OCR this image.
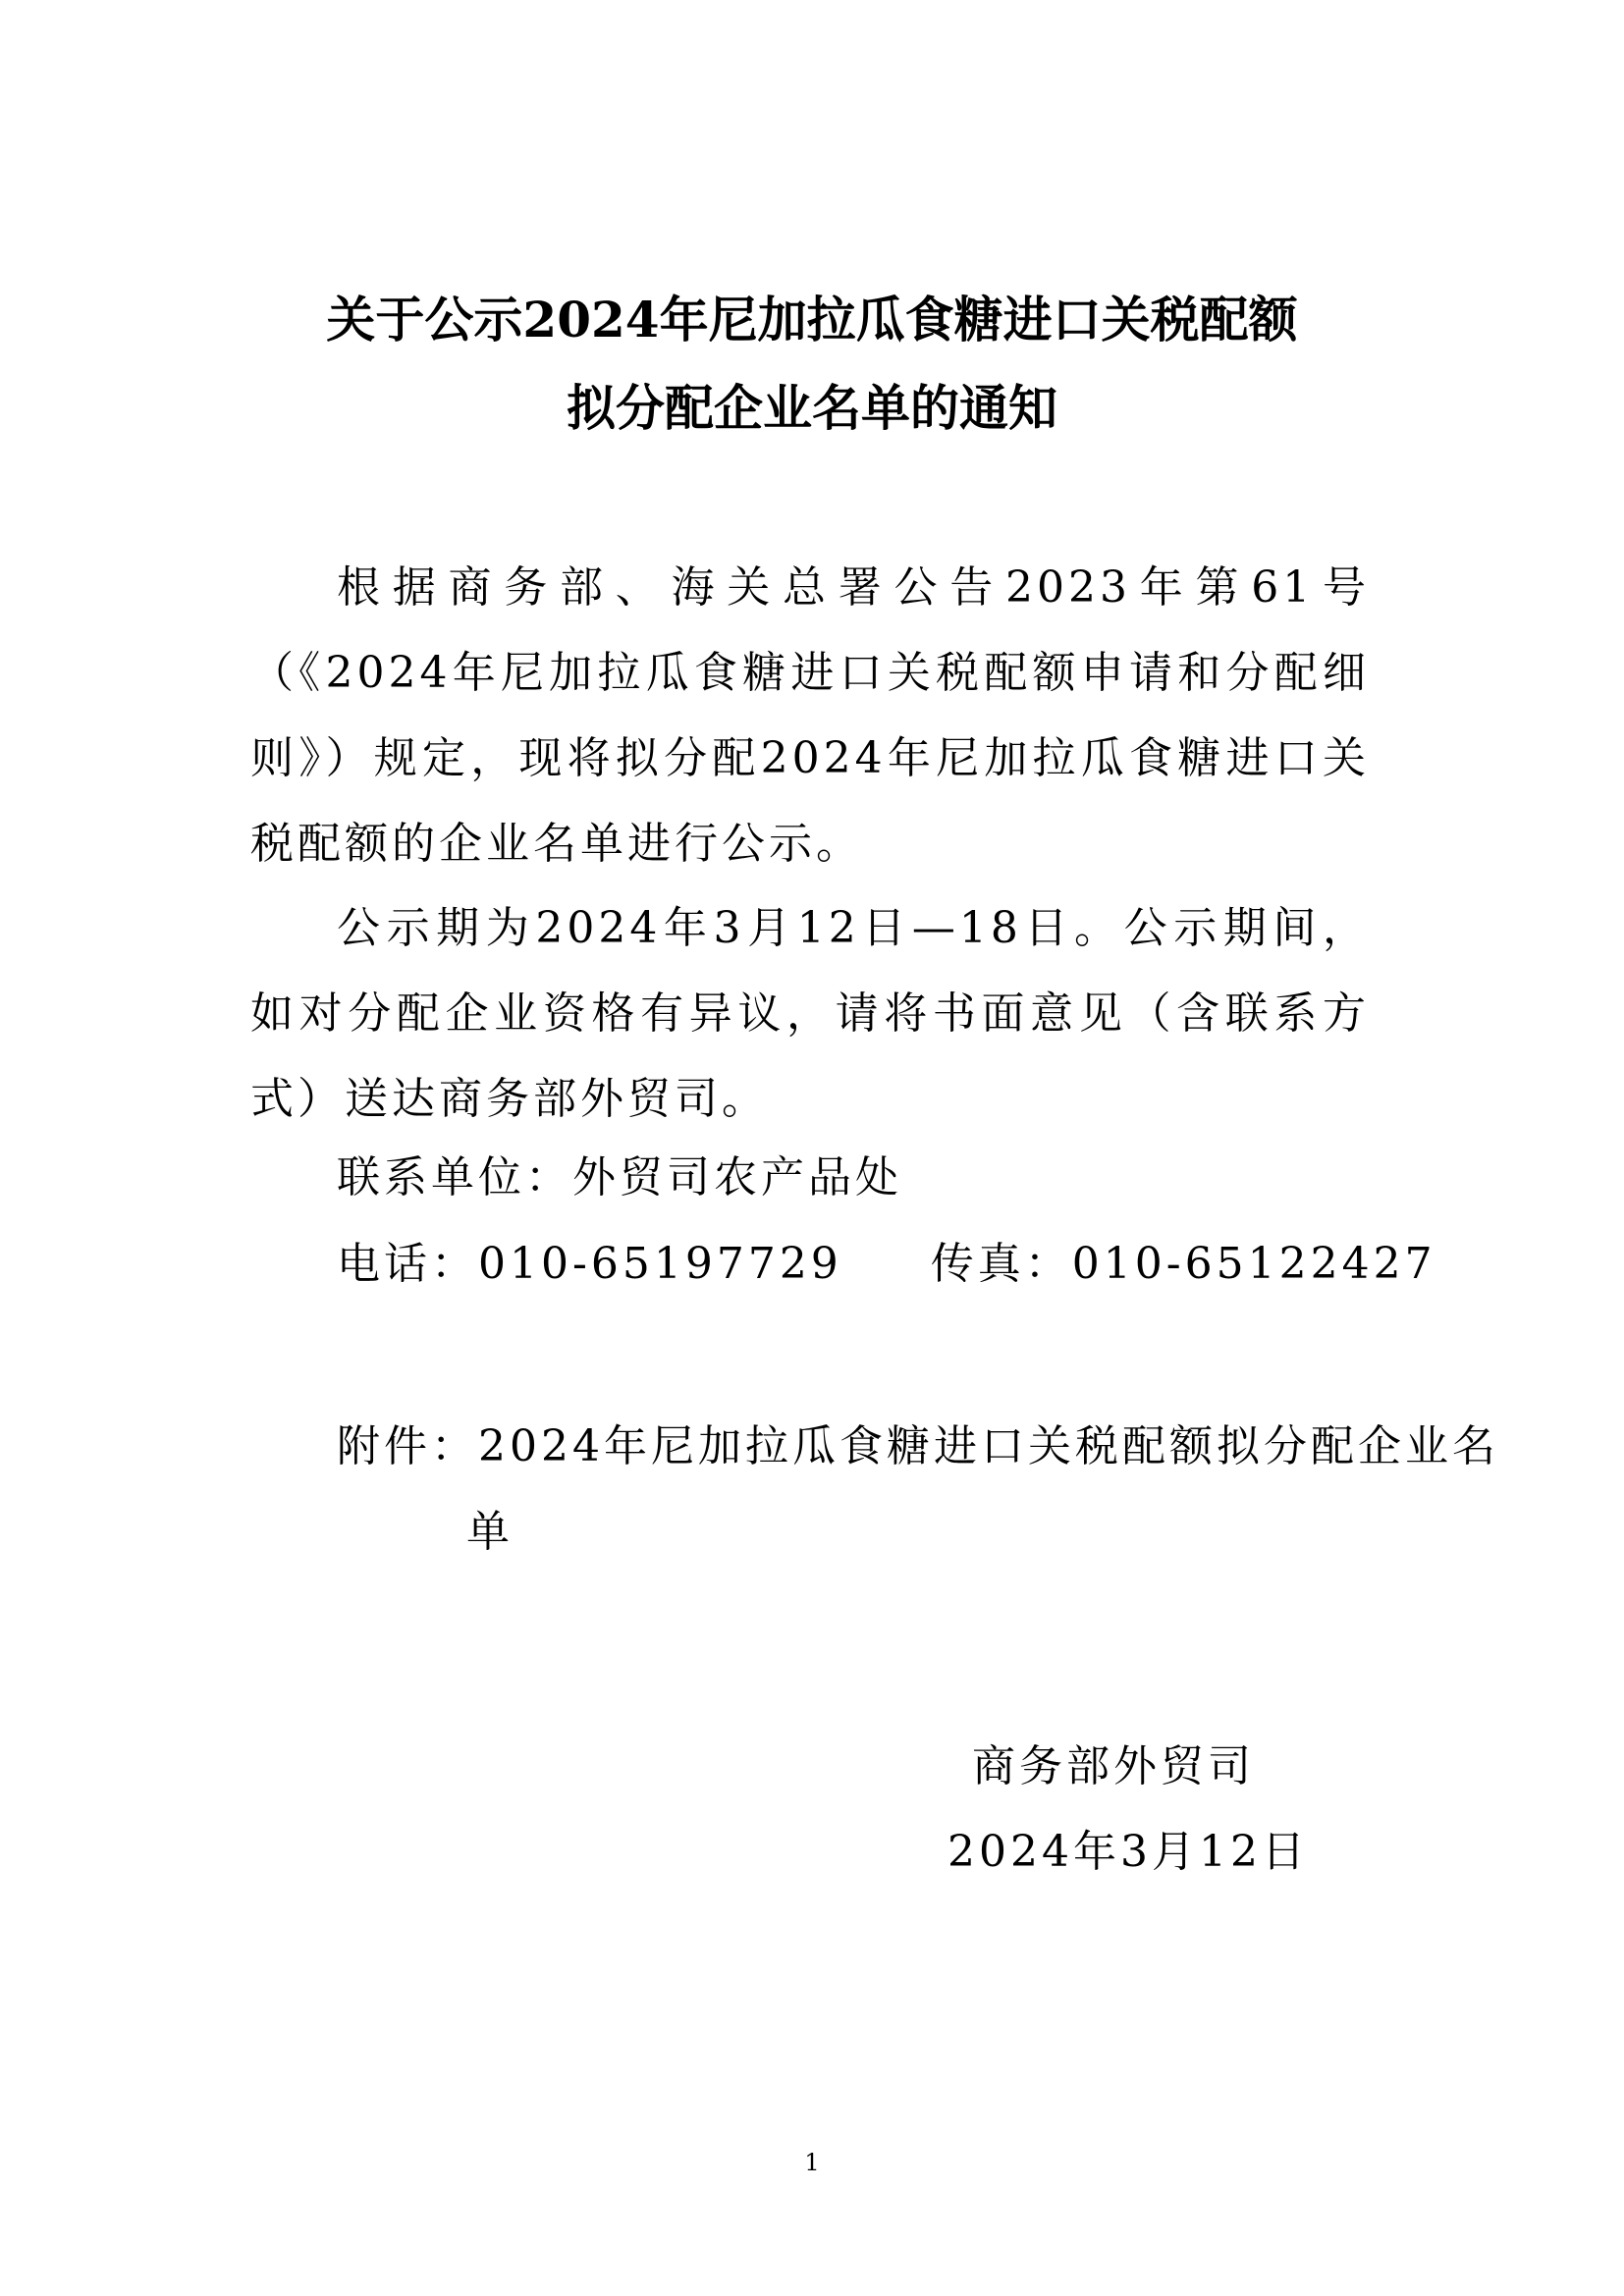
关于公示2024年尼加拉瓜食糖进口关税配额
拟分配企业名单的通知

根据商务部、海关总署公告2023年第61号（《2024年尼加拉瓜食糖进口关税配额申请和分配细则》）规定，现将拟分配2024年尼加拉瓜食糖进口关税配额的企业名单进行公示。

公示期为2024年3月12日—18日。公示期间，如对分配企业资格有异议，请将书面意见（含联系方式）送达商务部外贸司。

联系单位：外贸司农产品处
电话：010-65197729 传真：010-65122427

附件：2024年尼加拉瓜食糖进口关税配额拟分配企业名单

商务部外贸司
2024年3月12日
1
